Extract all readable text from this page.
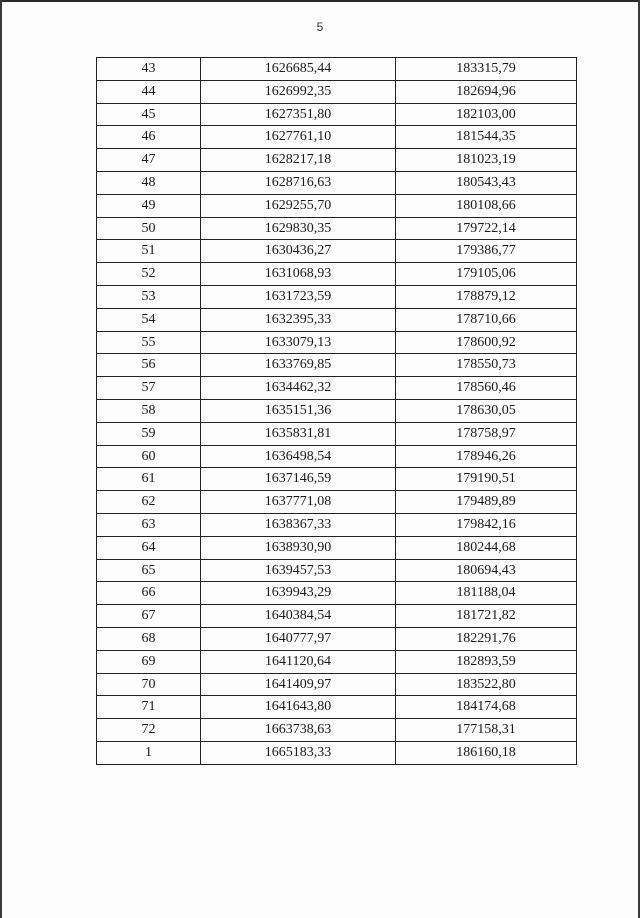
5
43	1626685,44	183315,79
44	1626992,35	182694,96
45	1627351,80	182103,00
46	1627761,10	181544,35
47	1628217,18	181023,19
48	1628716,63	180543,43
49	1629255,70	180108,66
50	1629830,35	179722,14
51	1630436,27	179386,77
52	1631068,93	179105,06
53	1631723,59	178879,12
54	1632395,33	178710,66
55	1633079,13	178600,92
56	1633769,85	178550,73
57	1634462,32	178560,46
58	1635151,36	178630,05
59	1635831,81	178758,97
60	1636498,54	178946,26
61	1637146,59	179190,51
62	1637771,08	179489,89
63	1638367,33	179842,16
64	1638930,90	180244,68
65	1639457,53	180694,43
66	1639943,29	181188,04
67	1640384,54	181721,82
68	1640777,97	182291,76
69	1641120,64	182893,59
70	1641409,97	183522,80
71	1641643,80	184174,68
72	1663738,63	177158,31
1	1665183,33	186160,18
